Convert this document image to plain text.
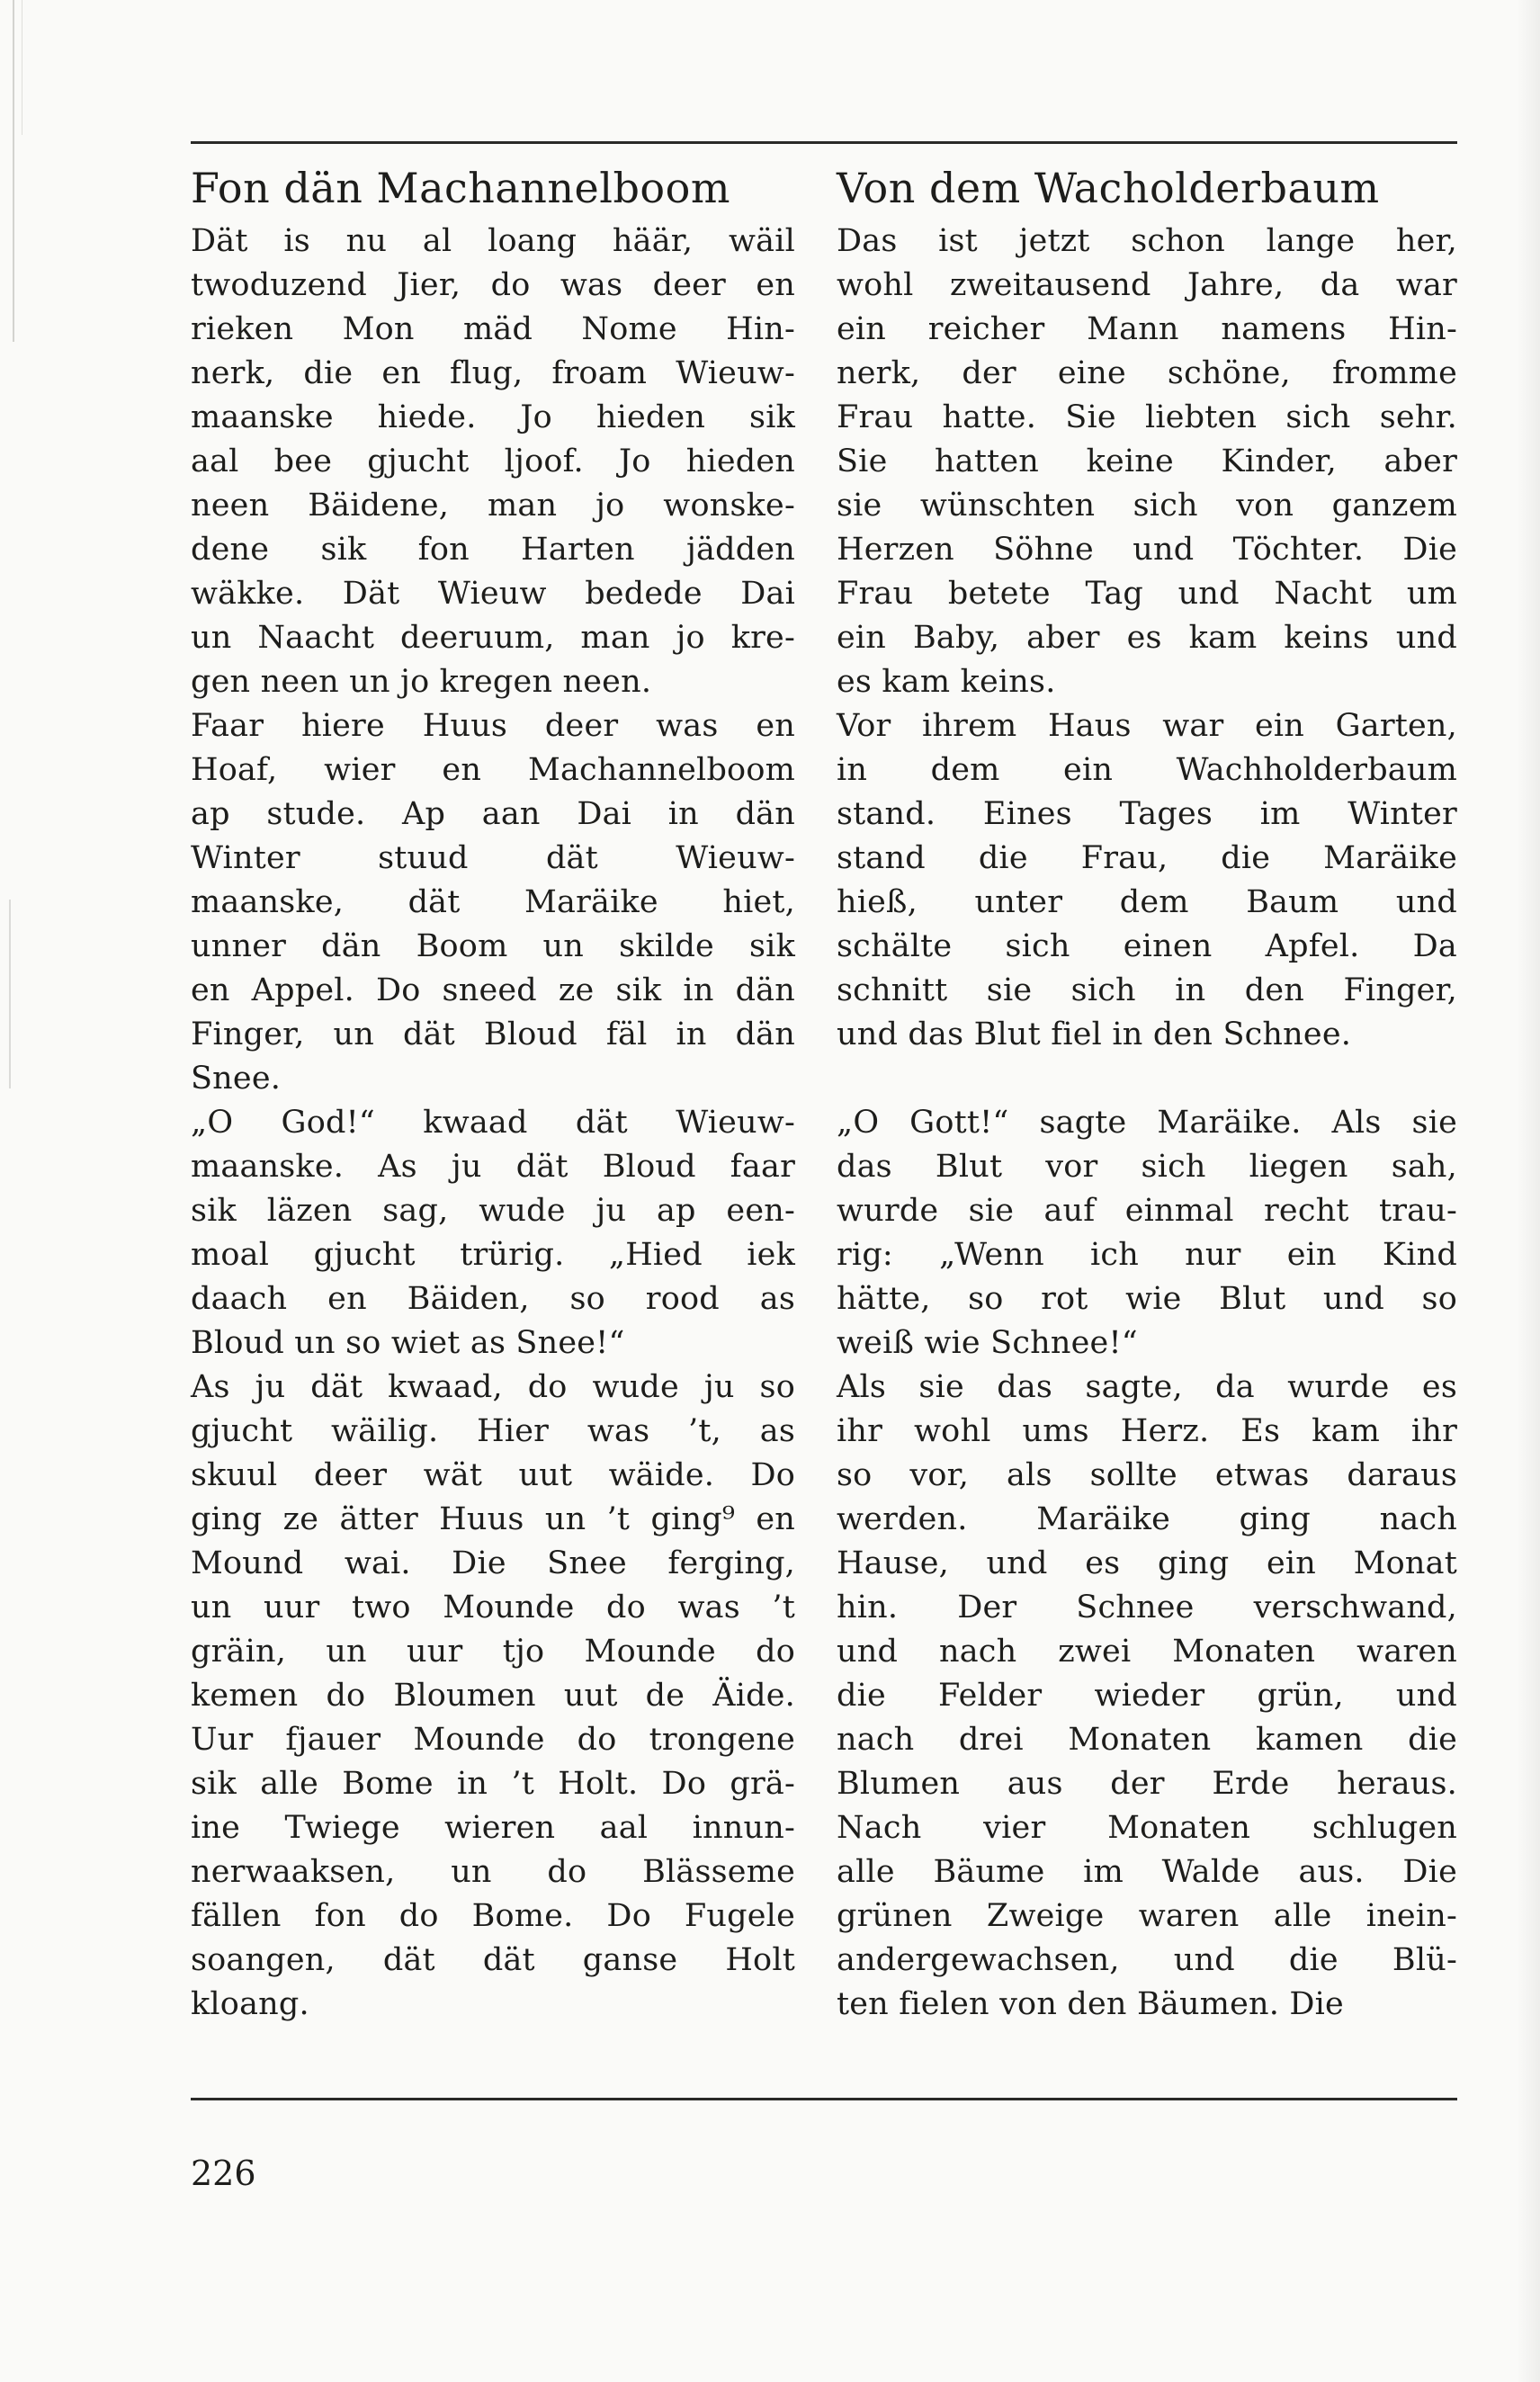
Fon dän Machannelboom
Dät is nu al loang häär, wäil
twoduzend Jier, do was deer en
rieken Mon mäd Nome Hin-
nerk, die en flug, froam Wieuw-
maanske hiede. Jo hieden sik
aal bee gjucht ljoof. Jo hieden
neen Bäidene, man jo wonske-
dene sik fon Harten jädden
wäkke. Dät Wieuw bedede Dai
un Naacht deeruum, man jo kre-
gen neen un jo kregen neen.
Faar hiere Huus deer was en
Hoaf, wier en Machannelboom
ap stude. Ap aan Dai in dän
Winter stuud dät Wieuw-
maanske, dät Maräike hiet,
unner dän Boom un skilde sik
en Appel. Do sneed ze sik in dän
Finger, un dät Bloud fäl in dän
Snee.
„O God!“ kwaad dät Wieuw-
maanske. As ju dät Bloud faar
sik läzen sag, wude ju ap een-
moal gjucht trürig. „Hied iek
daach en Bäiden, so rood as
Bloud un so wiet as Snee!“
As ju dät kwaad, do wude ju so
gjucht wäilig. Hier was ’t, as
skuul deer wät uut wäide. Do
ging ze ätter Huus un ’t ging⁹ en
Mound wai. Die Snee ferging,
un uur two Mounde do was ’t
gräin, un uur tjo Mounde do
kemen do Bloumen uut de Äide.
Uur fjauer Mounde do trongene
sik alle Bome in ’t Holt. Do grä-
ine Twiege wieren aal innun-
nerwaaksen, un do Blässeme
fällen fon do Bome. Do Fugele
soangen, dät dät ganse Holt
kloang.
Von dem Wacholderbaum
Das ist jetzt schon lange her,
wohl zweitausend Jahre, da war
ein reicher Mann namens Hin-
nerk, der eine schöne, fromme
Frau hatte. Sie liebten sich sehr.
Sie hatten keine Kinder, aber
sie wünschten sich von ganzem
Herzen Söhne und Töchter. Die
Frau betete Tag und Nacht um
ein Baby, aber es kam keins und
es kam keins.
Vor ihrem Haus war ein Garten,
in dem ein Wachholderbaum
stand. Eines Tages im Winter
stand die Frau, die Maräike
hieß, unter dem Baum und
schälte sich einen Apfel. Da
schnitt sie sich in den Finger,
und das Blut fiel in den Schnee.
„O Gott!“ sagte Maräike. Als sie
das Blut vor sich liegen sah,
wurde sie auf einmal recht trau-
rig: „Wenn ich nur ein Kind
hätte, so rot wie Blut und so
weiß wie Schnee!“
Als sie das sagte, da wurde es
ihr wohl ums Herz. Es kam ihr
so vor, als sollte etwas daraus
werden. Maräike ging nach
Hause, und es ging ein Monat
hin. Der Schnee verschwand,
und nach zwei Monaten waren
die Felder wieder grün, und
nach drei Monaten kamen die
Blumen aus der Erde heraus.
Nach vier Monaten schlugen
alle Bäume im Walde aus. Die
grünen Zweige waren alle inein-
andergewachsen, und die Blü-
ten fielen von den Bäumen. Die
226
